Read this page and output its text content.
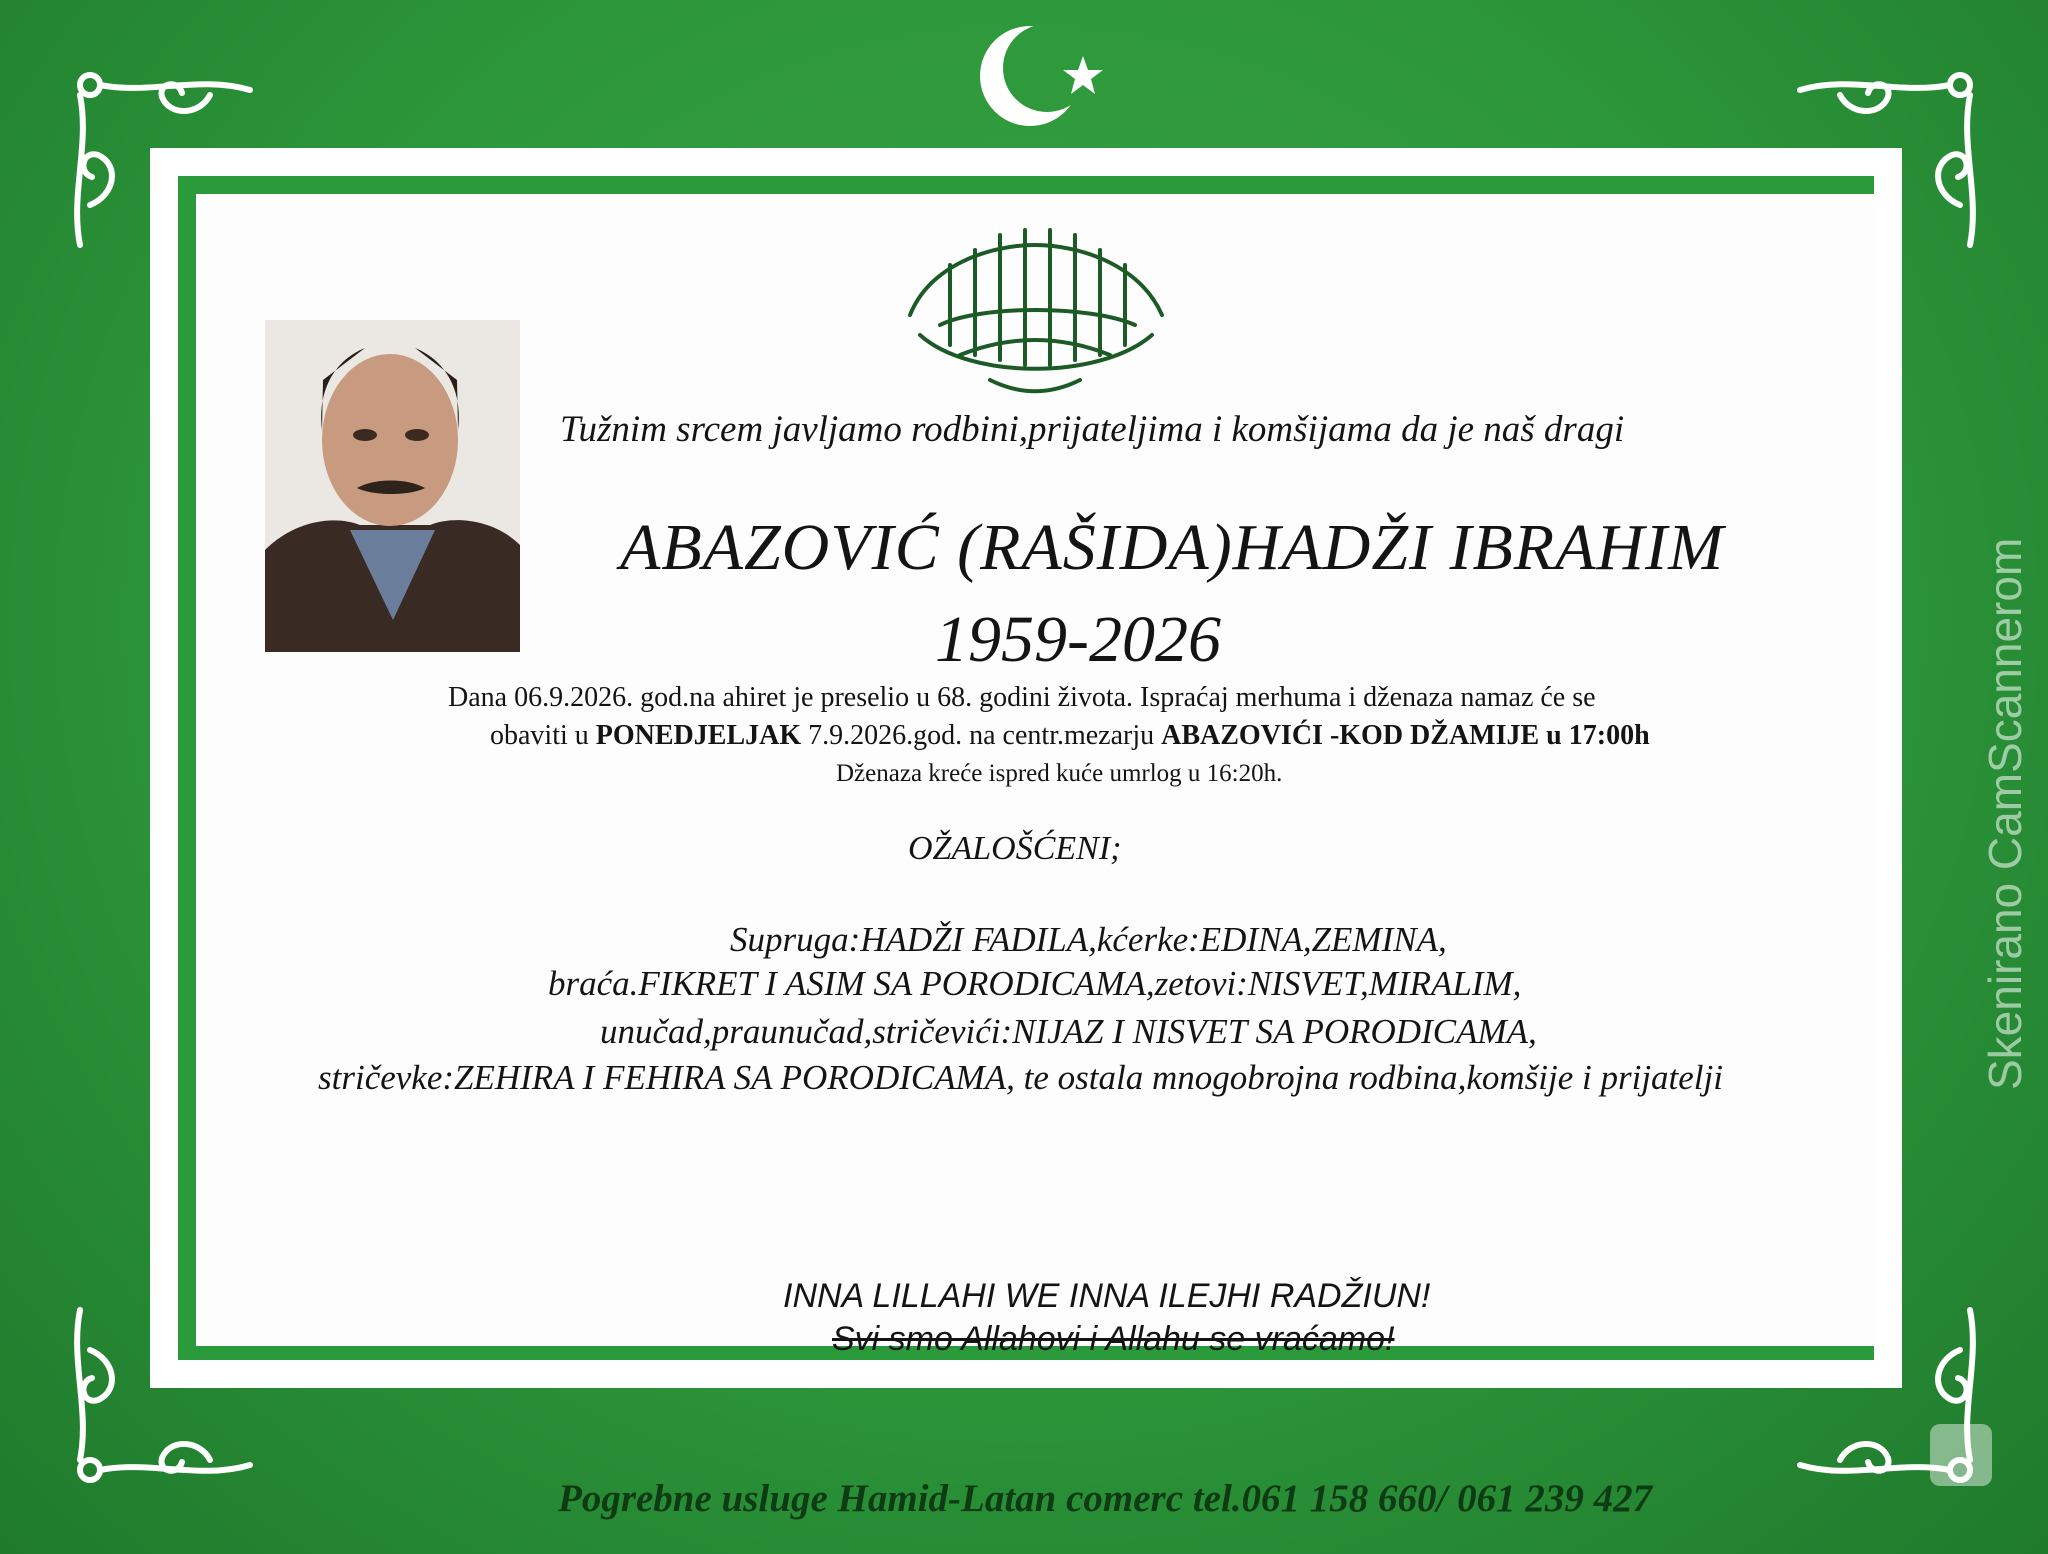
Tužnim srcem javljamo rodbini,prijateljima i komšijama da je naš dragi
ABAZOVIĆ (RAŠIDA)HADŽI IBRAHIM
1959-2026
Dana 06.9.2026. god.na ahiret je preselio u 68. godini života. Ispraćaj merhuma i dženaza namaz će se
obaviti u PONEDJELJAK 7.9.2026.god. na centr.mezarju ABAZOVIĆI -KOD DŽAMIJE u 17:00h
Dženaza kreće ispred kuće umrlog u 16:20h.
OŽALOŠĆENI;
Supruga:HADŽI FADILA,kćerke:EDINA,ZEMINA,
braća.FIKRET I ASIM SA PORODICAMA,zetovi:NISVET,MIRALIM,
unučad,praunučad,stričevići:NIJAZ I NISVET SA PORODICAMA,
stričevke:ZEHIRA I FEHIRA SA PORODICAMA, te ostala mnogobrojna rodbina,komšije i prijatelji
INNA LILLAHI WE INNA ILEJHI RADŽIUN!
Svi smo Allahovi i Allahu se vraćamo!
Pogrebne usluge Hamid-Latan comerc tel.061 158 660/ 061 239 427
Skenirano CamScannerom
